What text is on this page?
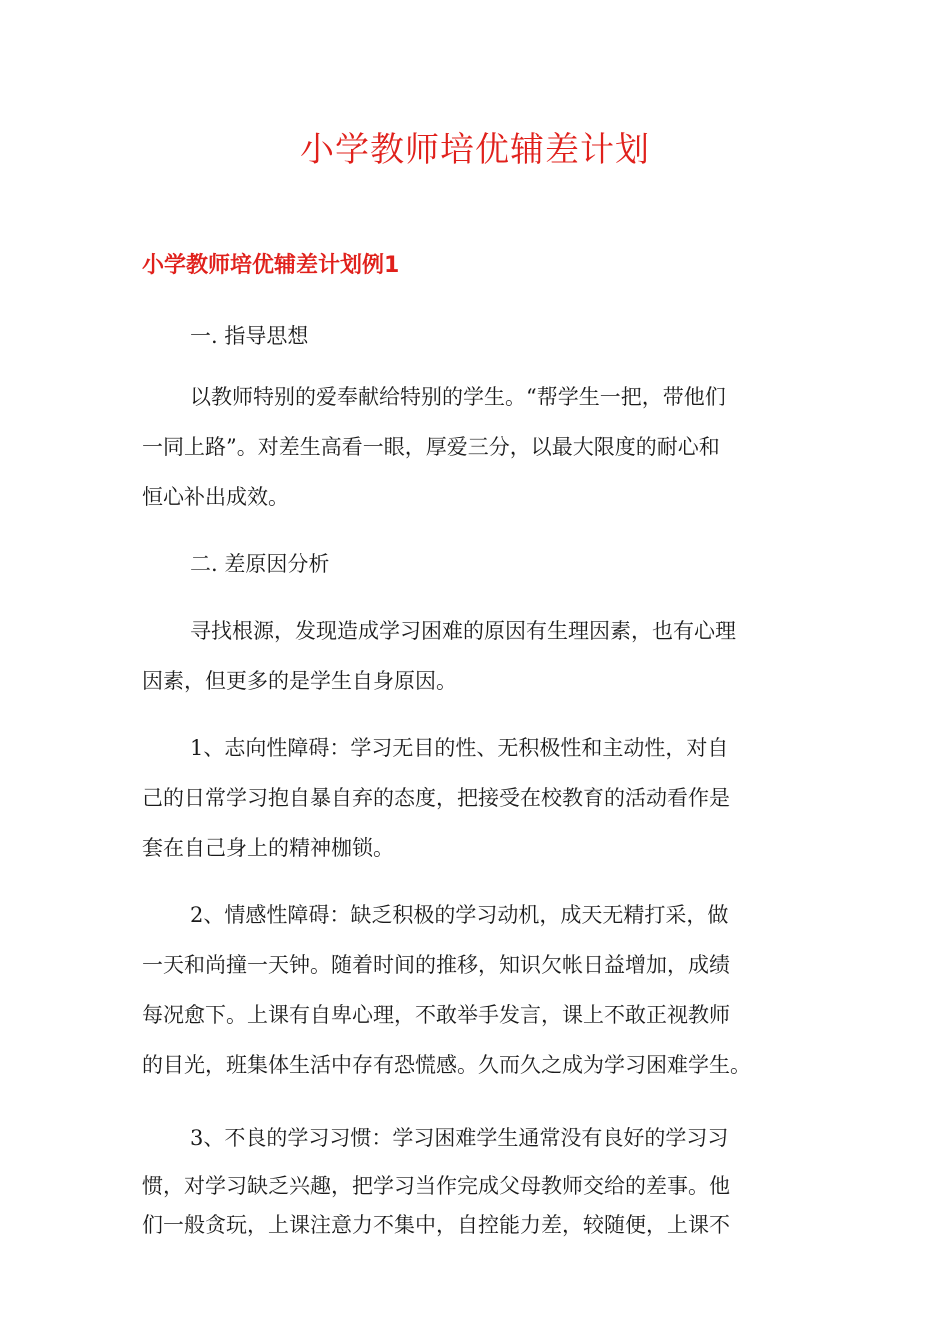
小学教师培优辅差计划
小学教师培优辅差计划例1
一. 指导思想
以教师特别的爱奉献给特别的学生。“帮学生一把，带他们
一同上路”。对差生高看一眼，厚爱三分，以最大限度的耐心和
恒心补出成效。
二. 差原因分析
寻找根源，发现造成学习困难的原因有生理因素，也有心理
因素，但更多的是学生自身原因。
1、志向性障碍：学习无目的性、无积极性和主动性，对自
己的日常学习抱自暴自弃的态度，把接受在校教育的活动看作是
套在自己身上的精神枷锁。
2、情感性障碍：缺乏积极的学习动机，成天无精打采，做
一天和尚撞一天钟。随着时间的推移，知识欠帐日益增加，成绩
每况愈下。上课有自卑心理，不敢举手发言，课上不敢正视教师
的目光，班集体生活中存有恐慌感。久而久之成为学习困难学生。
3、不良的学习习惯：学习困难学生通常没有良好的学习习
惯，对学习缺乏兴趣，把学习当作完成父母教师交给的差事。他
们一般贪玩，上课注意力不集中，自控能力差，较随便，上课不
